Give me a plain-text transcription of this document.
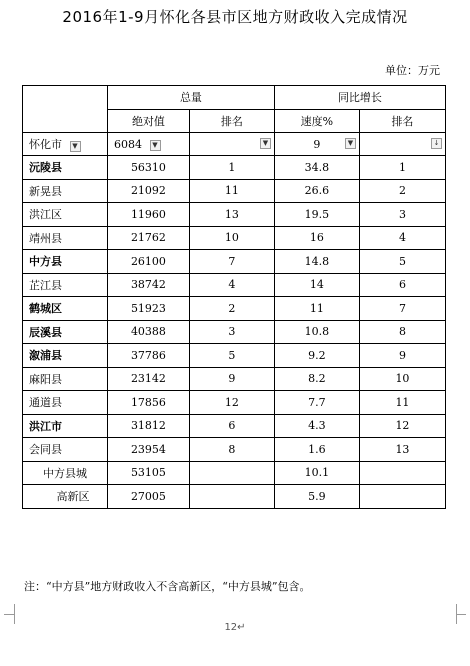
2016年1-9月怀化各县市区地方财政收入完成情况
单位：万元
	总量		同比增长	
	绝对值	排名	速度%	排名
怀化市 ▼	6084 ▼	▼	9 ▼	↓

沅陵县	56310	1	34.8	1
新晃县	21092	11	26.6	2
洪江区	11960	13	19.5	3
靖州县	21762	10	16	4
中方县	26100	7	14.8	5
芷江县	38742	4	14	6
鹤城区	51923	2	11	7
辰溪县	40388	3	10.8	8
溆浦县	37786	5	9.2	9
麻阳县	23142	9	8.2	10
通道县	17856	12	7.7	11
洪江市	31812	6	4.3	12
会同县	23954	8	1.6	13
中方县城	53105		10.1	
高新区	27005		5.9	
注：“中方县”地方财政收入不含高新区，“中方县城”包含。
12↵
